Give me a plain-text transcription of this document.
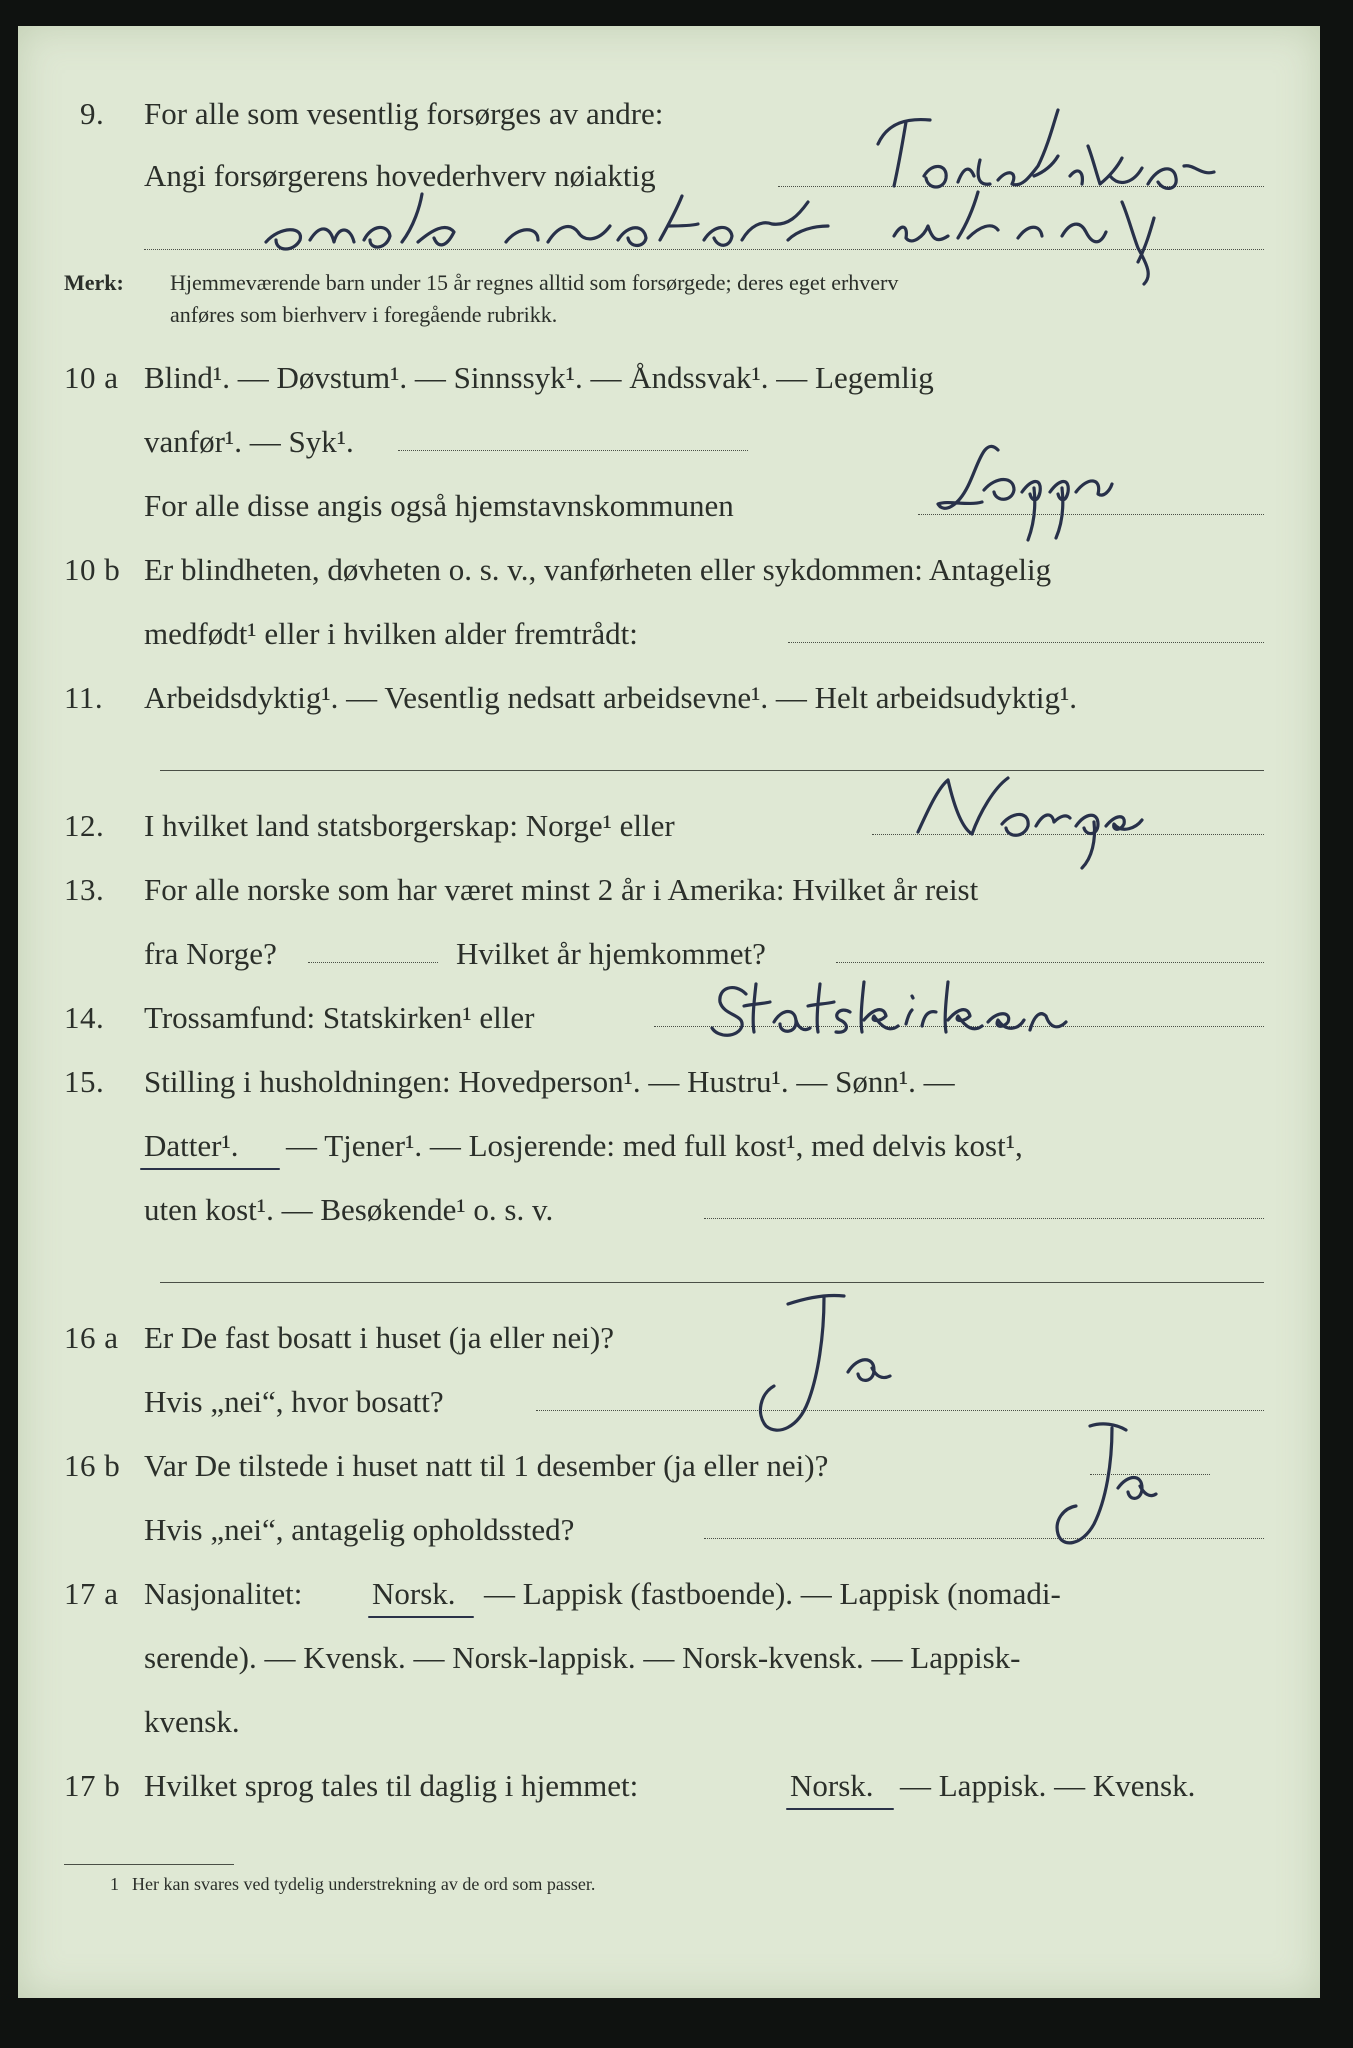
9. For alle som vesentlig forsørges av andre:
Angi forsørgerens hovederhverv nøiaktig
Merk: Hjemmeværende barn under 15 år regnes alltid som forsørgede; deres eget erhverv
anføres som bierhverv i foregående rubrikk.
10 a Blind¹. — Døvstum¹. — Sinnssyk¹. — Åndssvak¹. — Legemlig
vanfør¹. — Syk¹.
For alle disse angis også hjemstavnskommunen
10 b Er blindheten, døvheten o. s. v., vanførheten eller sykdommen: Antagelig
medfødt¹ eller i hvilken alder fremtrådt:
11. Arbeidsdyktig¹. — Vesentlig nedsatt arbeidsevne¹. — Helt arbeidsudyktig¹.
12. I hvilket land statsborgerskap: Norge¹ eller
13. For alle norske som har været minst 2 år i Amerika: Hvilket år reist
fra Norge?	Hvilket år hjemkommet?
14. Trossamfund: Statskirken¹ eller
15. Stilling i husholdningen: Hovedperson¹. — Hustru¹. — Sønn¹. —
Datter¹. — Tjener¹. — Losjerende: med full kost¹, med delvis kost¹,
uten kost¹. — Besøkende¹ o. s. v.
16 a Er De fast bosatt i huset (ja eller nei)?
Hvis „nei“, hvor bosatt?
16 b Var De tilstede i huset natt til 1 desember (ja eller nei)?
Hvis „nei“, antagelig opholdssted?
17 a Nasjonalitet: Norsk. — Lappisk (fastboende). — Lappisk (nomadi-
serende). — Kvensk. — Norsk-lappisk. — Norsk-kvensk. — Lappisk-
kvensk.
17 b Hvilket sprog tales til daglig i hjemmet:	Norsk. — Lappisk. — Kvensk.
1 Her kan svares ved tydelig understrekning av de ord som passer.
